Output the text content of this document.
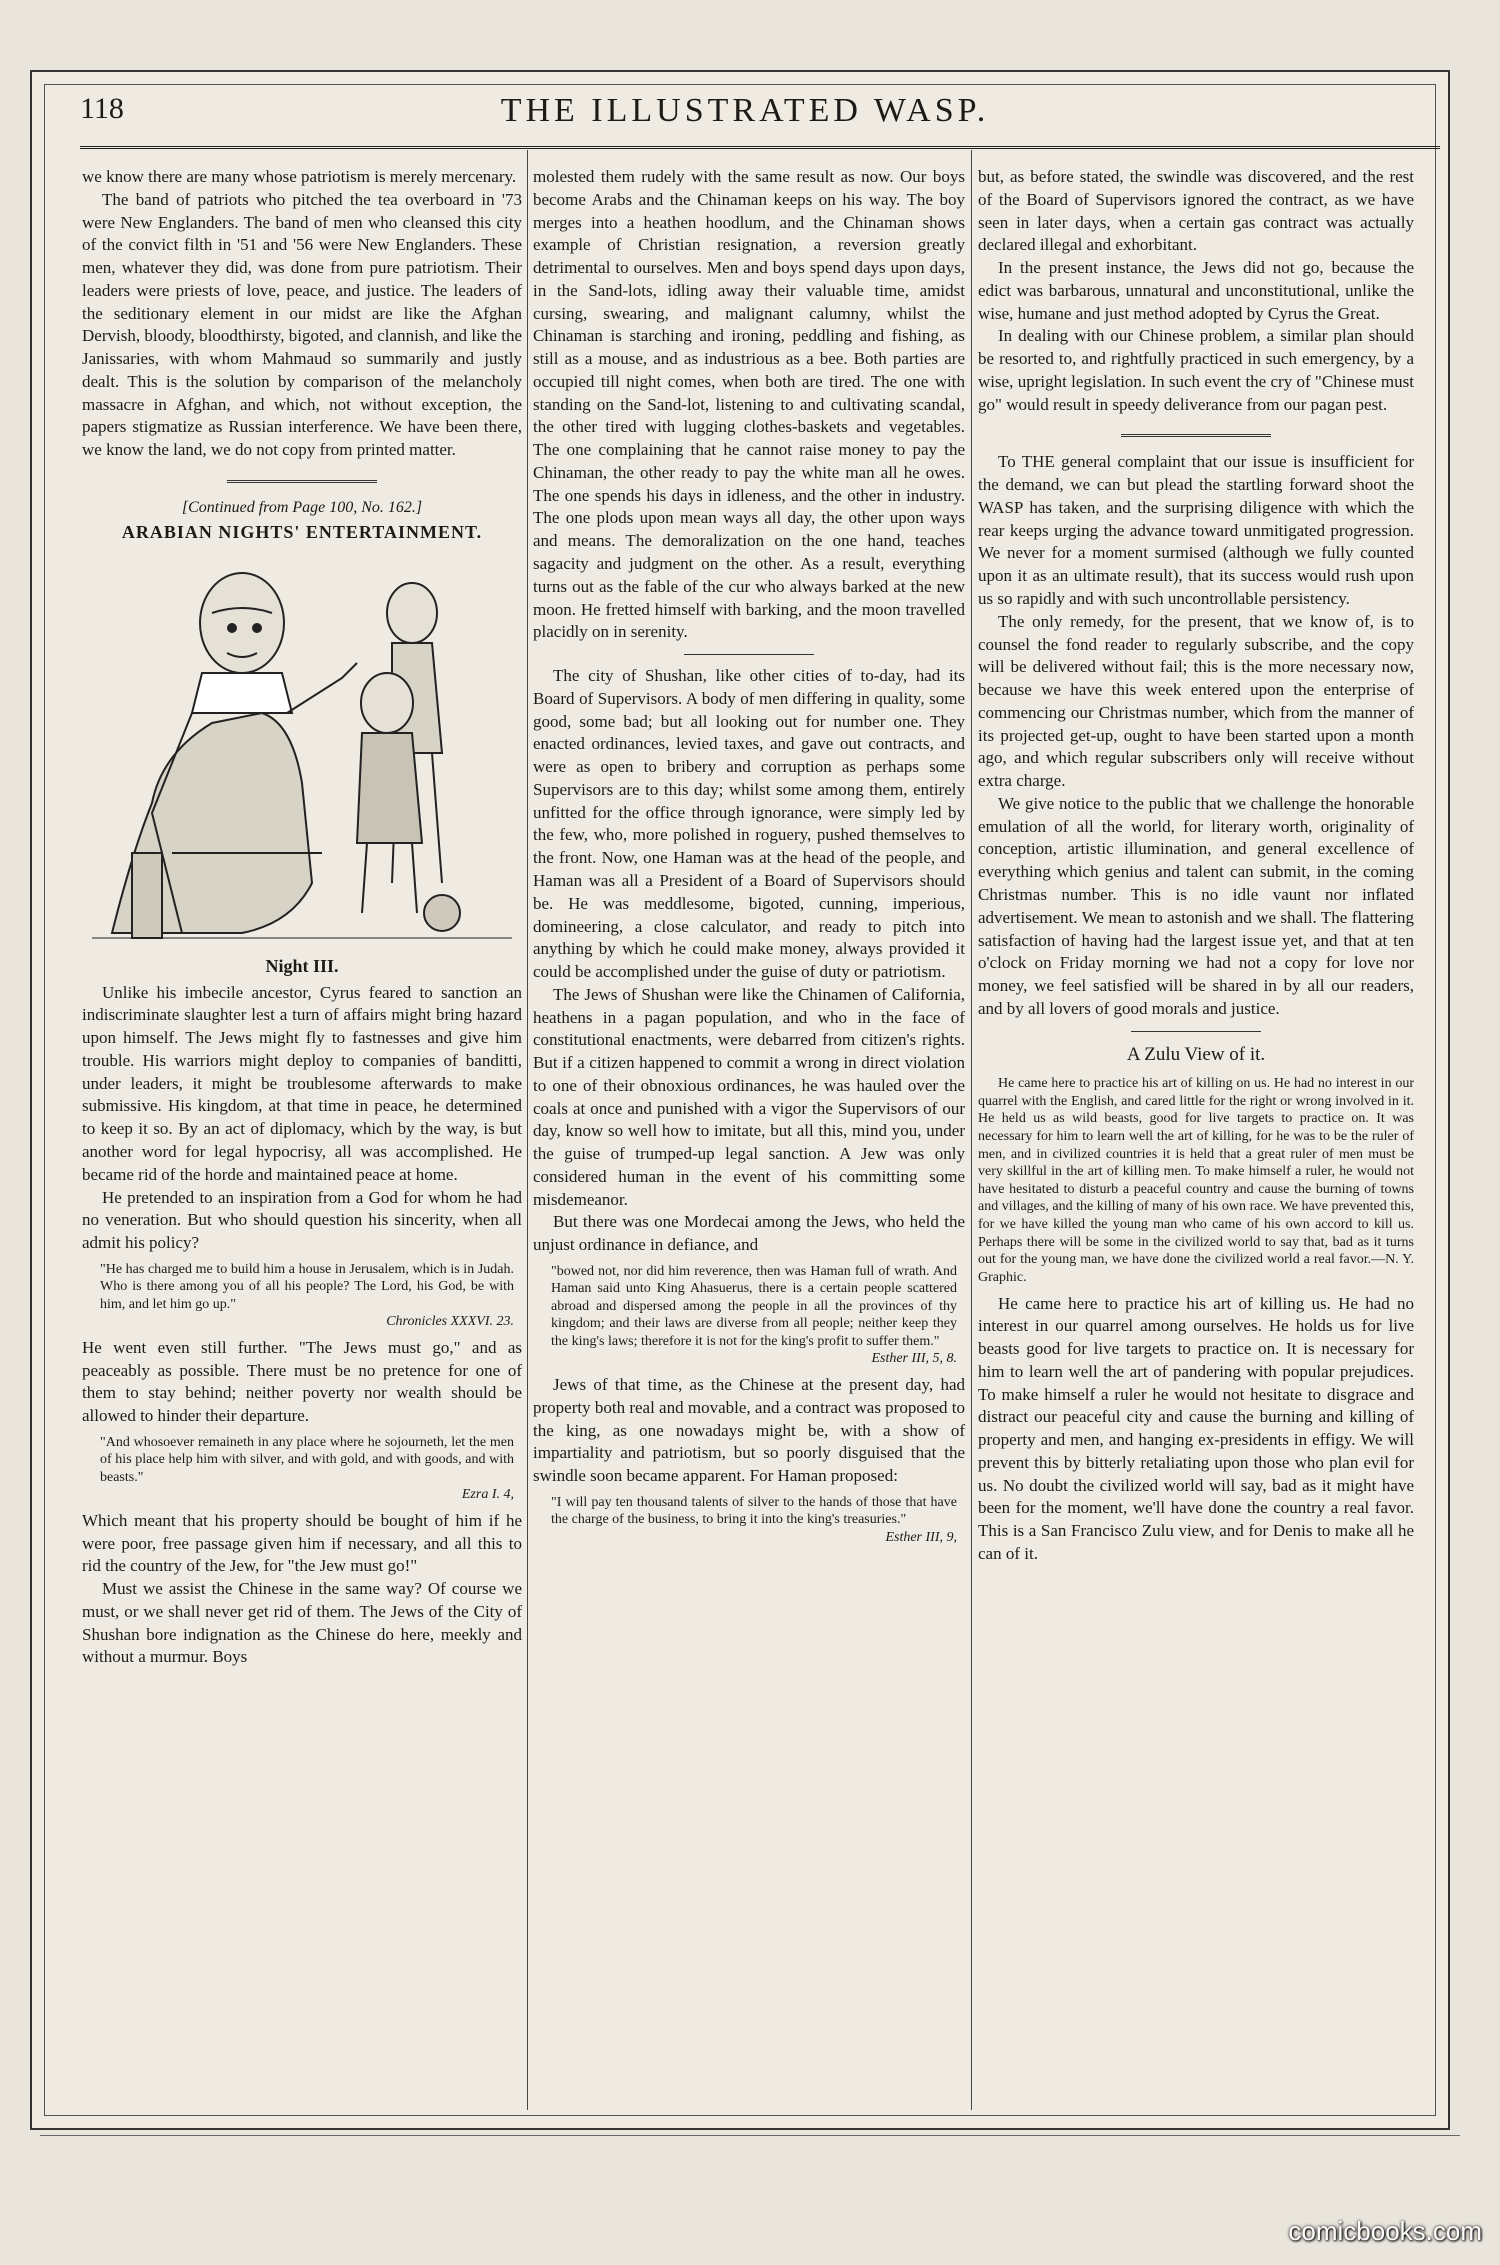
118	THE ILLUSTRATED WASP.

we know there are many whose patriotism is merely mercenary.

The band of patriots who pitched the tea overboard in '73 were New Englanders. The band of men who cleansed this city of the convict filth in '51 and '56 were New Englanders. These men, whatever they did, was done from pure patriotism. Their leaders were priests of love, peace, and justice. The leaders of the seditionary element in our midst are like the Afghan Dervish, bloody, bloodthirsty, bigoted, and clannish, and like the Janissaries, with whom Mahmaud so summarily and justly dealt. This is the solution by comparison of the melancholy massacre in Afghan, and which, not without exception, the papers stigmatize as Russian interference. We have been there, we know the land, we do not copy from printed matter.

[Continued from Page 100, No. 162.]
ARABIAN NIGHTS' ENTERTAINMENT.
Night III.

Unlike his imbecile ancestor, Cyrus feared to sanction an indiscriminate slaughter lest a turn of affairs might bring hazard upon himself. The Jews might fly to fastnesses and give him trouble. His warriors might deploy to companies of banditti, under leaders, it might be troublesome afterwards to make submissive. His kingdom, at that time in peace, he determined to keep it so. By an act of diplomacy, which by the way, is but another word for legal hypocrisy, all was accomplished. He became rid of the horde and maintained peace at home.

He pretended to an inspiration from a God for whom he had no veneration. But who should question his sincerity, when all admit his policy?

"He has charged me to build him a house in Jerusalem, which is in Judah. Who is there among you of all his people? The Lord, his God, be with him, and let him go up."
Chronicles XXXVI. 23.

He went even still further. "The Jews must go," and as peaceably as possible. There must be no pretence for one of them to stay behind; neither poverty nor wealth should be allowed to hinder their departure.

"And whosoever remaineth in any place where he sojourneth, let the men of his place help him with silver, and with gold, and with goods, and with beasts."
Ezra I. 4,

Which meant that his property should be bought of him if he were poor, free passage given him if necessary, and all this to rid the country of the Jew, for "the Jew must go!"

Must we assist the Chinese in the same way? Of course we must, or we shall never get rid of them. The Jews of the City of Shushan bore indignation as the Chinese do here, meekly and without a murmur. Boys

molested them rudely with the same result as now. Our boys become Arabs and the Chinaman keeps on his way. The boy merges into a heathen hoodlum, and the Chinaman shows example of Christian resignation, a reversion greatly detrimental to ourselves. Men and boys spend days upon days, in the Sand-lots, idling away their valuable time, amidst cursing, swearing, and malignant calumny, whilst the Chinaman is starching and ironing, peddling and fishing, as still as a mouse, and as industrious as a bee. Both parties are occupied till night comes, when both are tired. The one with standing on the Sand-lot, listening to and cultivating scandal, the other tired with lugging clothes-baskets and vegetables. The one complaining that he cannot raise money to pay the Chinaman, the other ready to pay the white man all he owes. The one spends his days in idleness, and the other in industry. The one plods upon mean ways all day, the other upon ways and means. The demoralization on the one hand, teaches sagacity and judgment on the other. As a result, everything turns out as the fable of the cur who always barked at the new moon. He fretted himself with barking, and the moon travelled placidly on in serenity.

The city of Shushan, like other cities of to-day, had its Board of Supervisors. A body of men differing in quality, some good, some bad; but all looking out for number one. They enacted ordinances, levied taxes, and gave out contracts, and were as open to bribery and corruption as perhaps some Supervisors are to this day; whilst some among them, entirely unfitted for the office through ignorance, were simply led by the few, who, more polished in roguery, pushed themselves to the front. Now, one Haman was at the head of the people, and Haman was all a President of a Board of Supervisors should be. He was meddlesome, bigoted, cunning, imperious, domineering, a close calculator, and ready to pitch into anything by which he could make money, always provided it could be accomplished under the guise of duty or patriotism.

The Jews of Shushan were like the Chinamen of California, heathens in a pagan population, and who in the face of constitutional enactments, were debarred from citizen's rights. But if a citizen happened to commit a wrong in direct violation to one of their obnoxious ordinances, he was hauled over the coals at once and punished with a vigor the Supervisors of our day, know so well how to imitate, but all this, mind you, under the guise of trumped-up legal sanction. A Jew was only considered human in the event of his committing some misdemeanor.

But there was one Mordecai among the Jews, who held the unjust ordinance in defiance, and

"bowed not, nor did him reverence, then was Haman full of wrath. And Haman said unto King Ahasuerus, there is a certain people scattered abroad and dispersed among the people in all the provinces of thy kingdom; and their laws are diverse from all people; neither keep they the king's laws; therefore it is not for the king's profit to suffer them."
Esther III, 5, 8.

Jews of that time, as the Chinese at the present day, had property both real and movable, and a contract was proposed to the king, as one nowadays might be, with a show of impartiality and patriotism, but so poorly disguised that the swindle soon became apparent. For Haman proposed:

"I will pay ten thousand talents of silver to the hands of those that have the charge of the business, to bring it into the king's treasuries."
Esther III, 9,

but, as before stated, the swindle was discovered, and the rest of the Board of Supervisors ignored the contract, as we have seen in later days, when a certain gas contract was actually declared illegal and exhorbitant.

In the present instance, the Jews did not go, because the edict was barbarous, unnatural and unconstitutional, unlike the wise, humane and just method adopted by Cyrus the Great.

In dealing with our Chinese problem, a similar plan should be resorted to, and rightfully practiced in such emergency, by a wise, upright legislation. In such event the cry of "Chinese must go" would result in speedy deliverance from our pagan pest.

To THE general complaint that our issue is insufficient for the demand, we can but plead the startling forward shoot the WASP has taken, and the surprising diligence with which the rear keeps urging the advance toward unmitigated progression. We never for a moment surmised (although we fully counted upon it as an ultimate result), that its success would rush upon us so rapidly and with such uncontrollable persistency.

The only remedy, for the present, that we know of, is to counsel the fond reader to regularly subscribe, and the copy will be delivered without fail; this is the more necessary now, because we have this week entered upon the enterprise of commencing our Christmas number, which from the manner of its projected get-up, ought to have been started upon a month ago, and which regular subscribers only will receive without extra charge.

We give notice to the public that we challenge the honorable emulation of all the world, for literary worth, originality of conception, artistic illumination, and general excellence of everything which genius and talent can submit, in the coming Christmas number. This is no idle vaunt nor inflated advertisement. We mean to astonish and we shall. The flattering satisfaction of having had the largest issue yet, and that at ten o'clock on Friday morning we had not a copy for love nor money, we feel satisfied will be shared in by all our readers, and by all lovers of good morals and justice.

A Zulu View of it.

He came here to practice his art of killing on us. He had no interest in our quarrel with the English, and cared little for the right or wrong involved in it. He held us as wild beasts, good for live targets to practice on. It was necessary for him to learn well the art of killing, for he was to be the ruler of men, and in civilized countries it is held that a great ruler of men must be very skillful in the art of killing men. To make himself a ruler, he would not have hesitated to disturb a peaceful country and cause the burning of towns and villages, and the killing of many of his own race. We have prevented this, for we have killed the young man who came of his own accord to kill us. Perhaps there will be some in the civilized world to say that, bad as it turns out for the young man, we have done the civilized world a real favor.—N. Y. Graphic.

He came here to practice his art of killing us. He had no interest in our quarrel among ourselves. He holds us for live beasts good for live targets to practice on. It is necessary for him to learn well the art of pandering with popular prejudices. To make himself a ruler he would not hesitate to disgrace and distract our peaceful city and cause the burning and killing of property and men, and hanging ex-presidents in effigy. We will prevent this by bitterly retaliating upon those who plan evil for us. No doubt the civilized world will say, bad as it might have been for the moment, we'll have done the country a real favor. This is a San Francisco Zulu view, and for Denis to make all he can of it.

comicbooks.com
